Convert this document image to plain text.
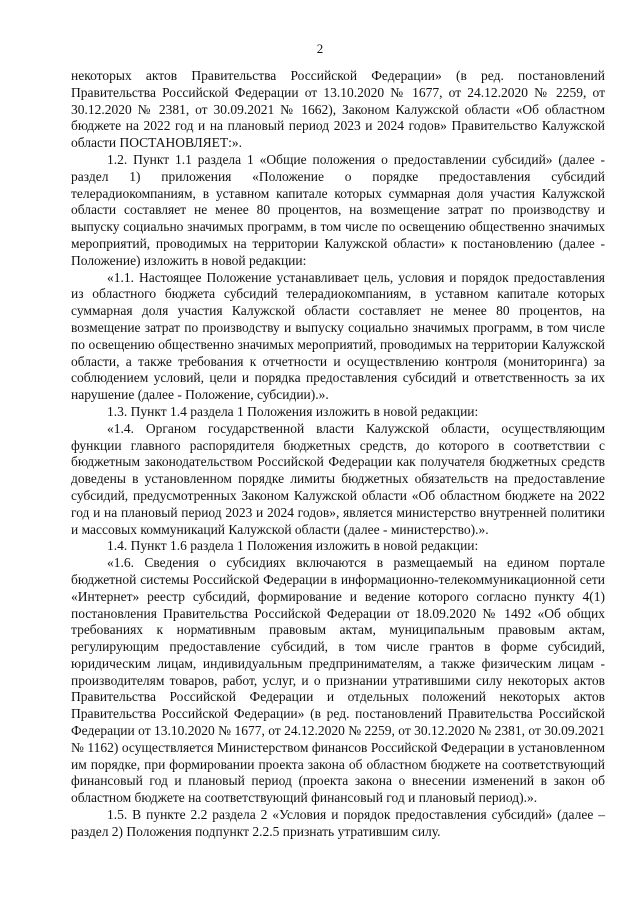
2

некоторых актов Правительства Российской Федерации» (в ред. постановлений Правительства Российской Федерации от 13.10.2020 № 1677, от 24.12.2020 № 2259, от 30.12.2020 № 2381, от 30.09.2021 № 1662), Законом Калужской области «Об областном бюджете на 2022 год и на плановый период 2023 и 2024 годов» Правительство Калужской области ПОСТАНОВЛЯЕТ:».

1.2. Пункт 1.1 раздела 1 «Общие положения о предоставлении субсидий» (далее - раздел 1) приложения «Положение о порядке предоставления субсидий телерадиокомпаниям, в уставном капитале которых суммарная доля участия Калужской области составляет не менее 80 процентов, на возмещение затрат по производству и выпуску социально значимых программ, в том числе по освещению общественно значимых мероприятий, проводимых на территории Калужской области» к постановлению (далее - Положение) изложить в новой редакции:

«1.1. Настоящее Положение устанавливает цель, условия и порядок предоставления из областного бюджета субсидий телерадиокомпаниям, в уставном капитале которых суммарная доля участия Калужской области составляет не менее 80 процентов, на возмещение затрат по производству и выпуску социально значимых программ, в том числе по освещению общественно значимых мероприятий, проводимых на территории Калужской области, а также требования к отчетности и осуществлению контроля (мониторинга) за соблюдением условий, цели и порядка предоставления субсидий и ответственность за их нарушение (далее - Положение, субсидии).».

1.3. Пункт 1.4 раздела 1 Положения изложить в новой редакции:

«1.4. Органом государственной власти Калужской области, осуществляющим функции главного распорядителя бюджетных средств, до которого в соответствии с бюджетным законодательством Российской Федерации как получателя бюджетных средств доведены в установленном порядке лимиты бюджетных обязательств на предоставление субсидий, предусмотренных Законом Калужской области «Об областном бюджете на 2022 год и на плановый период 2023 и 2024 годов», является министерство внутренней политики и массовых коммуникаций Калужской области (далее - министерство).».

1.4. Пункт 1.6 раздела 1 Положения изложить в новой редакции:

«1.6. Сведения о субсидиях включаются в размещаемый на едином портале бюджетной системы Российской Федерации в информационно-телекоммуникационной сети «Интернет» реестр субсидий, формирование и ведение которого согласно пункту 4(1) постановления Правительства Российской Федерации от 18.09.2020 № 1492 «Об общих требованиях к нормативным правовым актам, муниципальным правовым актам, регулирующим предоставление субсидий, в том числе грантов в форме субсидий, юридическим лицам, индивидуальным предпринимателям, а также физическим лицам - производителям товаров, работ, услуг, и о признании утратившими силу некоторых актов Правительства Российской Федерации и отдельных положений некоторых актов Правительства Российской Федерации» (в ред. постановлений Правительства Российской Федерации от 13.10.2020 № 1677, от 24.12.2020 № 2259, от 30.12.2020 № 2381, от 30.09.2021 № 1162) осуществляется Министерством финансов Российской Федерации в установленном им порядке, при формировании проекта закона об областном бюджете на соответствующий финансовый год и плановый период (проекта закона о внесении изменений в закон об областном бюджете на соответствующий финансовый год и плановый период).».

1.5. В пункте 2.2 раздела 2 «Условия и порядок предоставления субсидий» (далее – раздел 2) Положения подпункт 2.2.5 признать утратившим силу.
